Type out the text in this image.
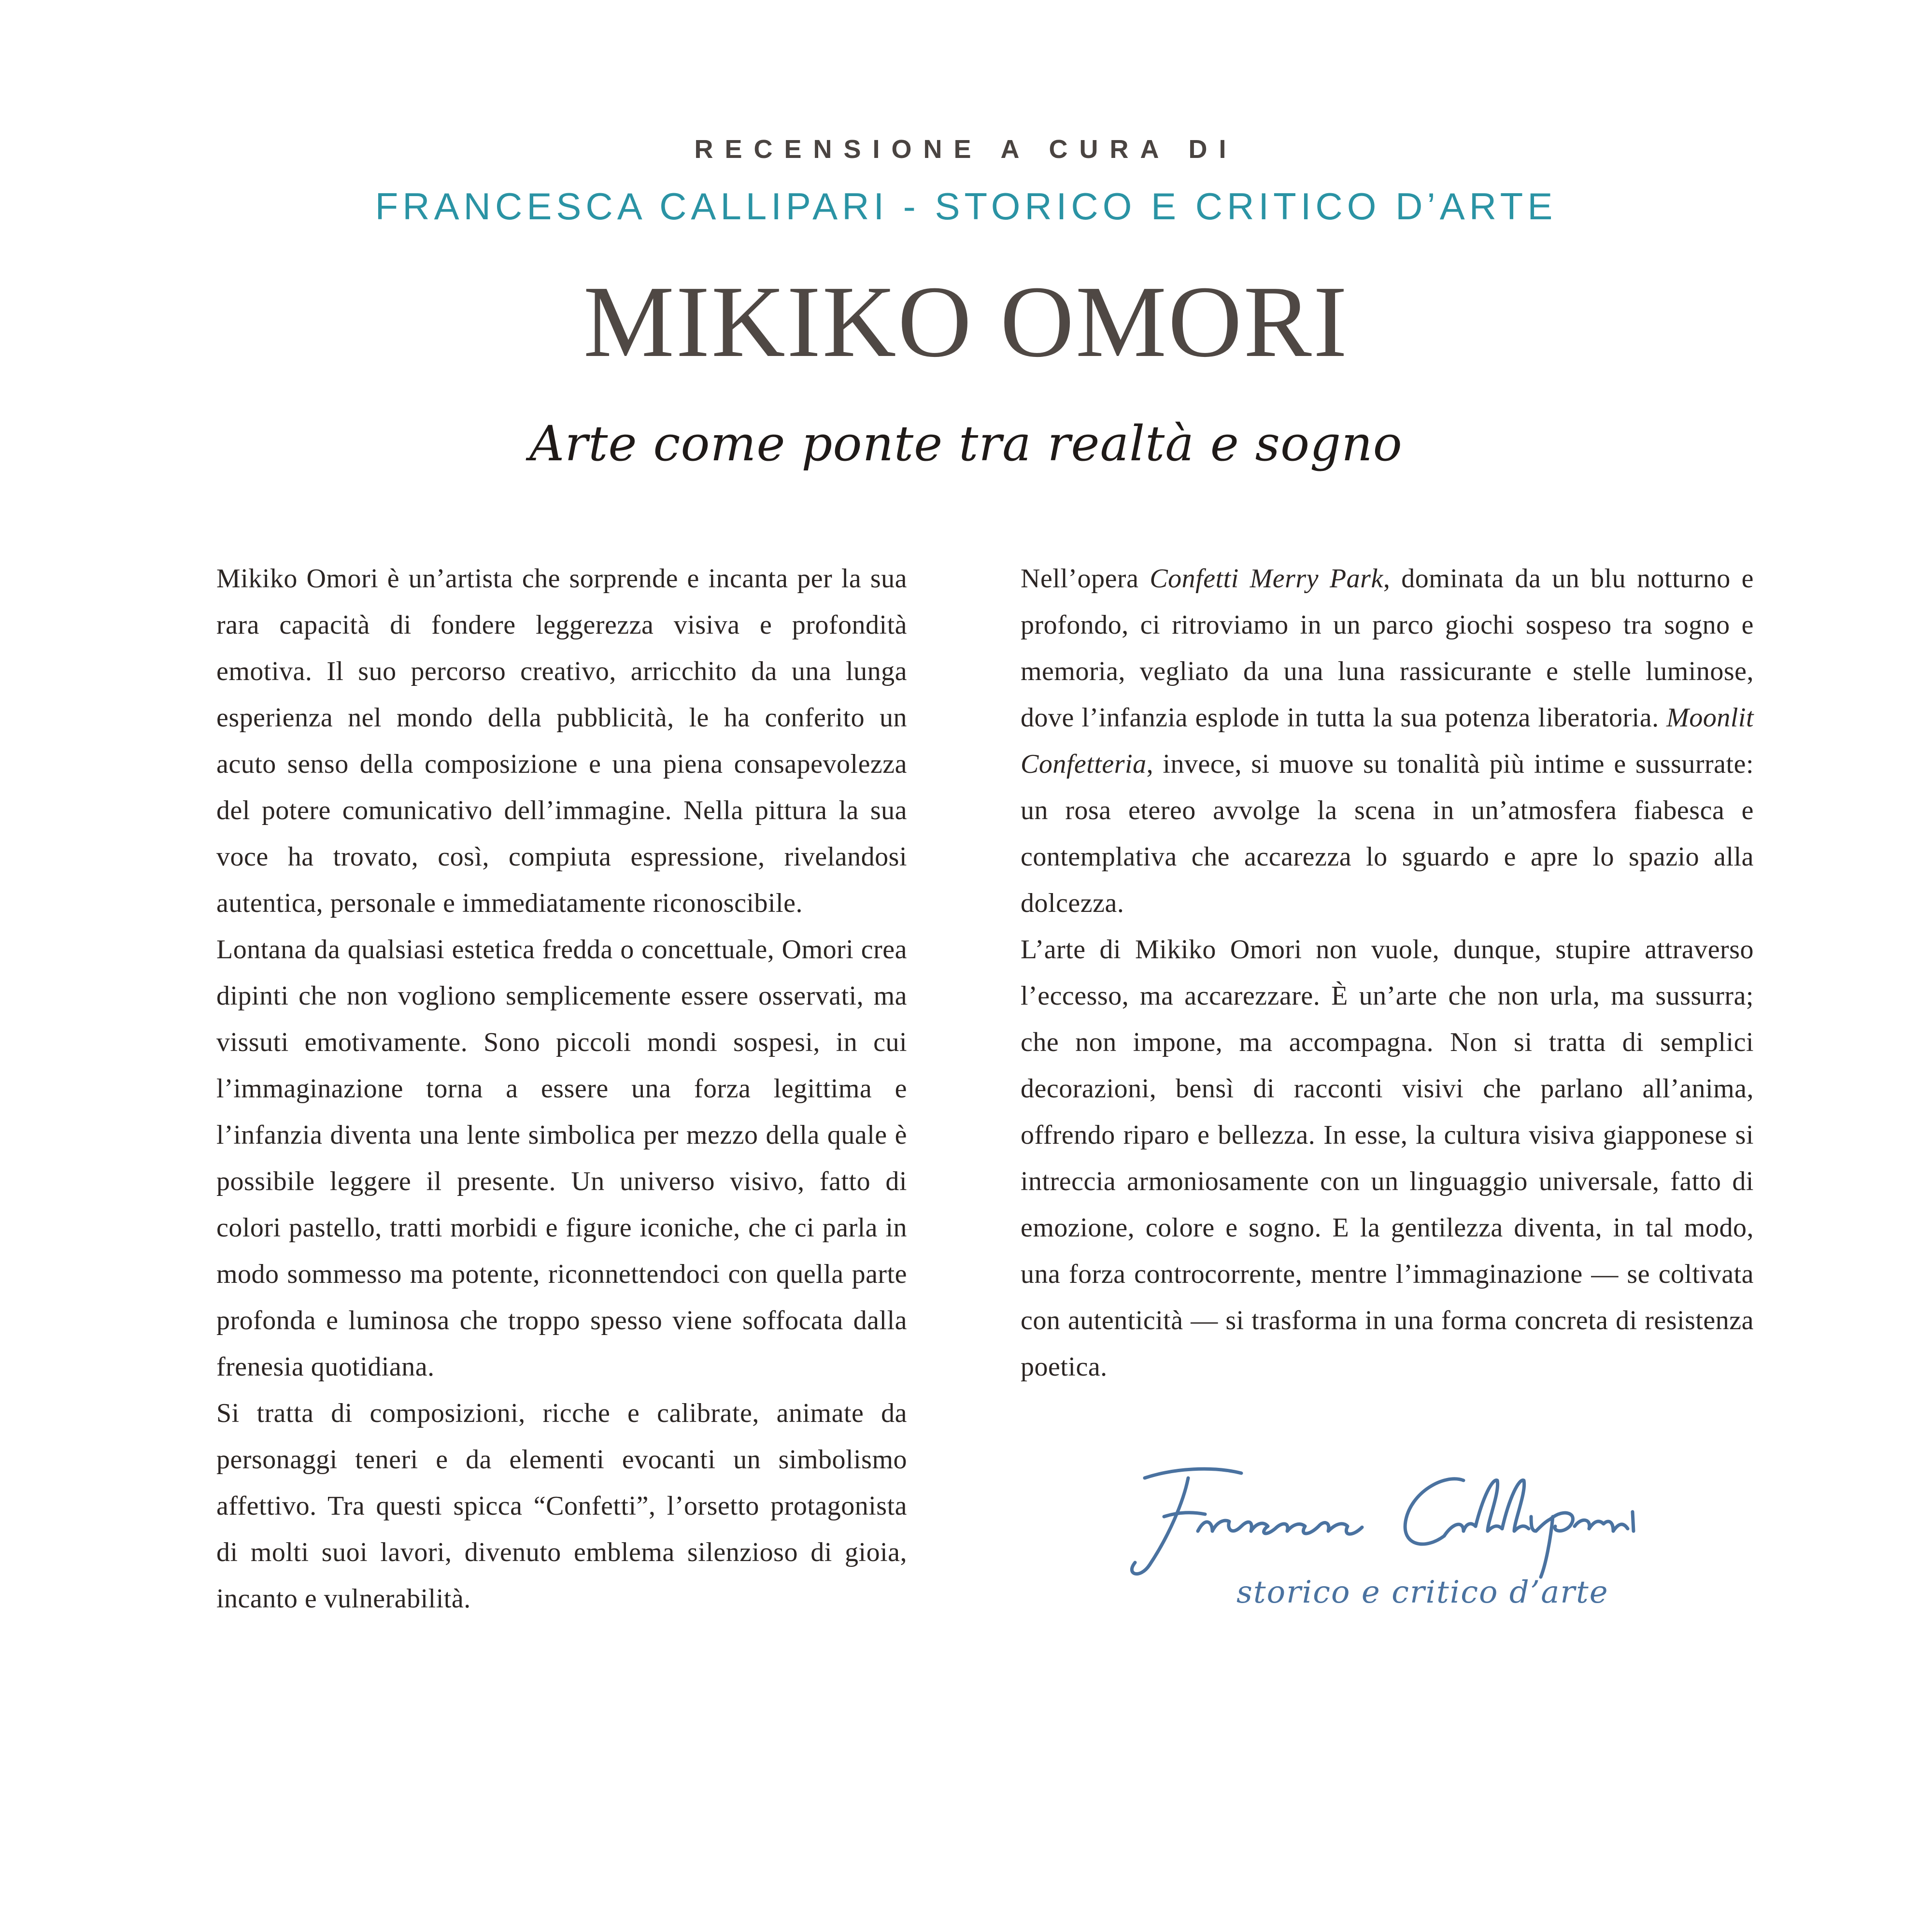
RECENSIONE A CURA DI
FRANCESCA CALLIPARI - STORICO E CRITICO D’ARTE
MIKIKO OMORI
Arte come ponte tra realtà e sogno

Mikiko Omori è un’artista che sorprende e incanta per la sua rara capacità di fondere leggerezza visiva e profondità emotiva. Il suo percorso creativo, arricchito da una lunga esperienza nel mondo della pubblicità, le ha conferito un acuto senso della composizione e una piena consapevolezza del potere comunicativo dell’immagine. Nella pittura la sua voce ha trovato, così, compiuta espressione, rivelandosi autentica, personale e immediatamente riconoscibile.

Lontana da qualsiasi estetica fredda o concettuale, Omori crea dipinti che non vogliono semplicemente essere osservati, ma vissuti emotivamente. Sono piccoli mondi sospesi, in cui l’immaginazione torna a essere una forza legittima e l’infanzia diventa una lente simbolica per mezzo della quale è possibile leggere il presente. Un universo visivo, fatto di colori pastello, tratti morbidi e figure iconiche, che ci parla in modo sommesso ma potente, riconnettendoci con quella parte profonda e luminosa che troppo spesso viene soffocata dalla frenesia quotidiana.

Si tratta di composizioni, ricche e calibrate, animate da personaggi teneri e da elementi evocanti un simbolismo affettivo. Tra questi spicca “Confetti”, l’orsetto protagonista di molti suoi lavori, divenuto emblema silenzioso di gioia, incanto e vulnerabilità.

Nell’opera Confetti Merry Park, dominata da un blu notturno e profondo, ci ritroviamo in un parco giochi sospeso tra sogno e memoria, vegliato da una luna rassicurante e stelle luminose, dove l’infanzia esplode in tutta la sua potenza liberatoria. Moonlit Confetteria, invece, si muove su tonalità più intime e sussurrate: un rosa etereo avvolge la scena in un’atmosfera fiabesca e contemplativa che accarezza lo sguardo e apre lo spazio alla dolcezza.

L’arte di Mikiko Omori non vuole, dunque, stupire attraverso l’eccesso, ma accarezzare. È un’arte che non urla, ma sussurra; che non impone, ma accompagna. Non si tratta di semplici decorazioni, bensì di racconti visivi che parlano all’anima, offrendo riparo e bellezza. In esse, la cultura visiva giapponese si intreccia armoniosamente con un linguaggio universale, fatto di emozione, colore e sogno. E la gentilezza diventa, in tal modo, una forza controcorrente, mentre l’immaginazione — se coltivata con autenticità — si trasforma in una forma concreta di resistenza poetica.

storico e critico d’arte
